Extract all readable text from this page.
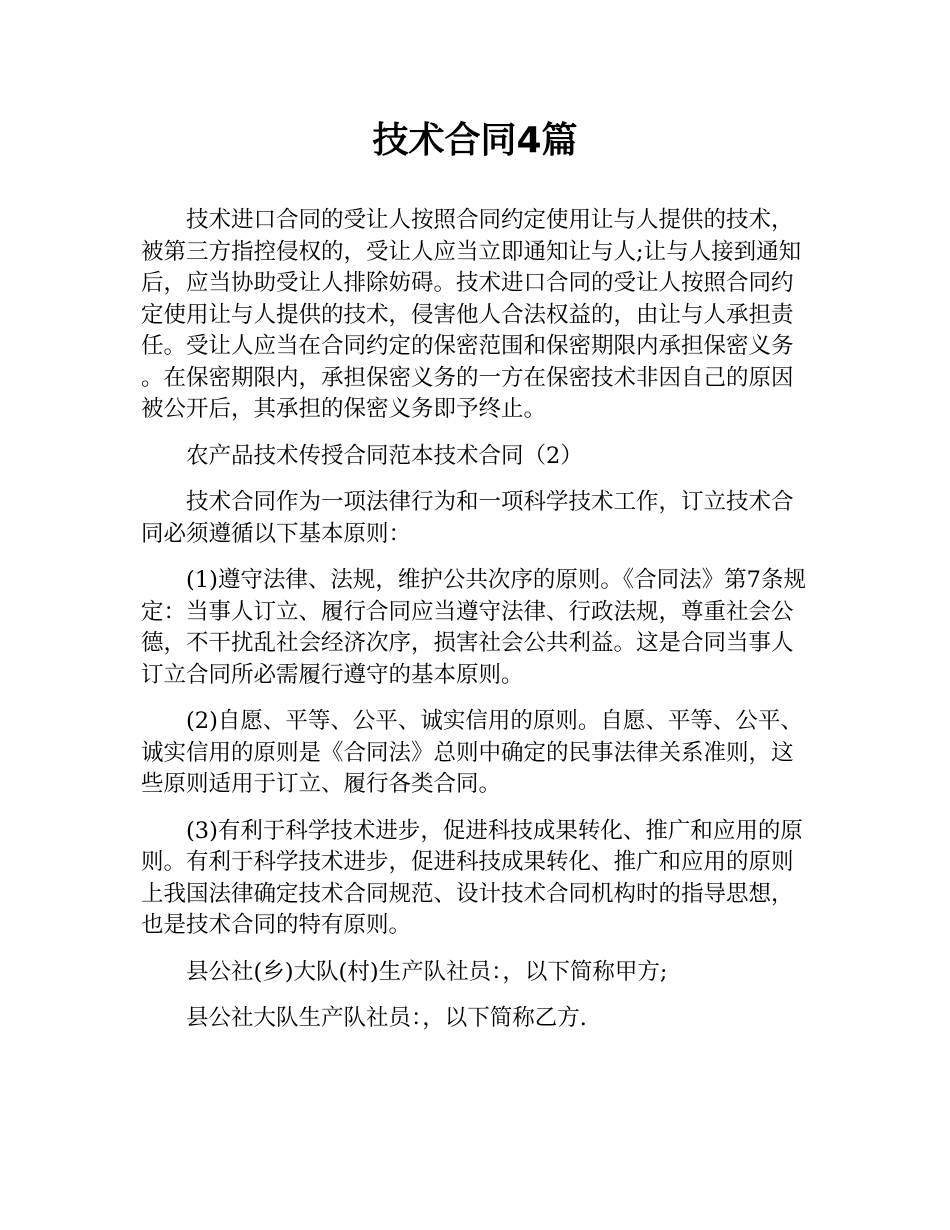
技术合同4篇

技术进口合同的受让人按照合同约定使用让与人提供的技术，被第三方指控侵权的，受让人应当立即通知让与人;让与人接到通知后，应当协助受让人排除妨碍。技术进口合同的受让人按照合同约定使用让与人提供的技术，侵害他人合法权益的，由让与人承担责任。受让人应当在合同约定的保密范围和保密期限内承担保密义务。在保密期限内，承担保密义务的一方在保密技术非因自己的原因被公开后，其承担的保密义务即予终止。

农产品技术传授合同范本技术合同（2）

技术合同作为一项法律行为和一项科学技术工作，订立技术合同必须遵循以下基本原则：

(1)遵守法律、法规，维护公共次序的原则。《合同法》第7条规定：当事人订立、履行合同应当遵守法律、行政法规，尊重社会公德，不干扰乱社会经济次序，损害社会公共利益。这是合同当事人订立合同所必需履行遵守的基本原则。

(2)自愿、平等、公平、诚实信用的原则。自愿、平等、公平、诚实信用的原则是《合同法》总则中确定的民事法律关系准则，这些原则适用于订立、履行各类合同。

(3)有利于科学技术进步，促进科技成果转化、推广和应用的原则。有利于科学技术进步，促进科技成果转化、推广和应用的原则上我国法律确定技术合同规范、设计技术合同机构时的指导思想，也是技术合同的特有原则。

县公社(乡)大队(村)生产队社员：，以下简称甲方;

县公社大队生产队社员：，以下简称乙方.
